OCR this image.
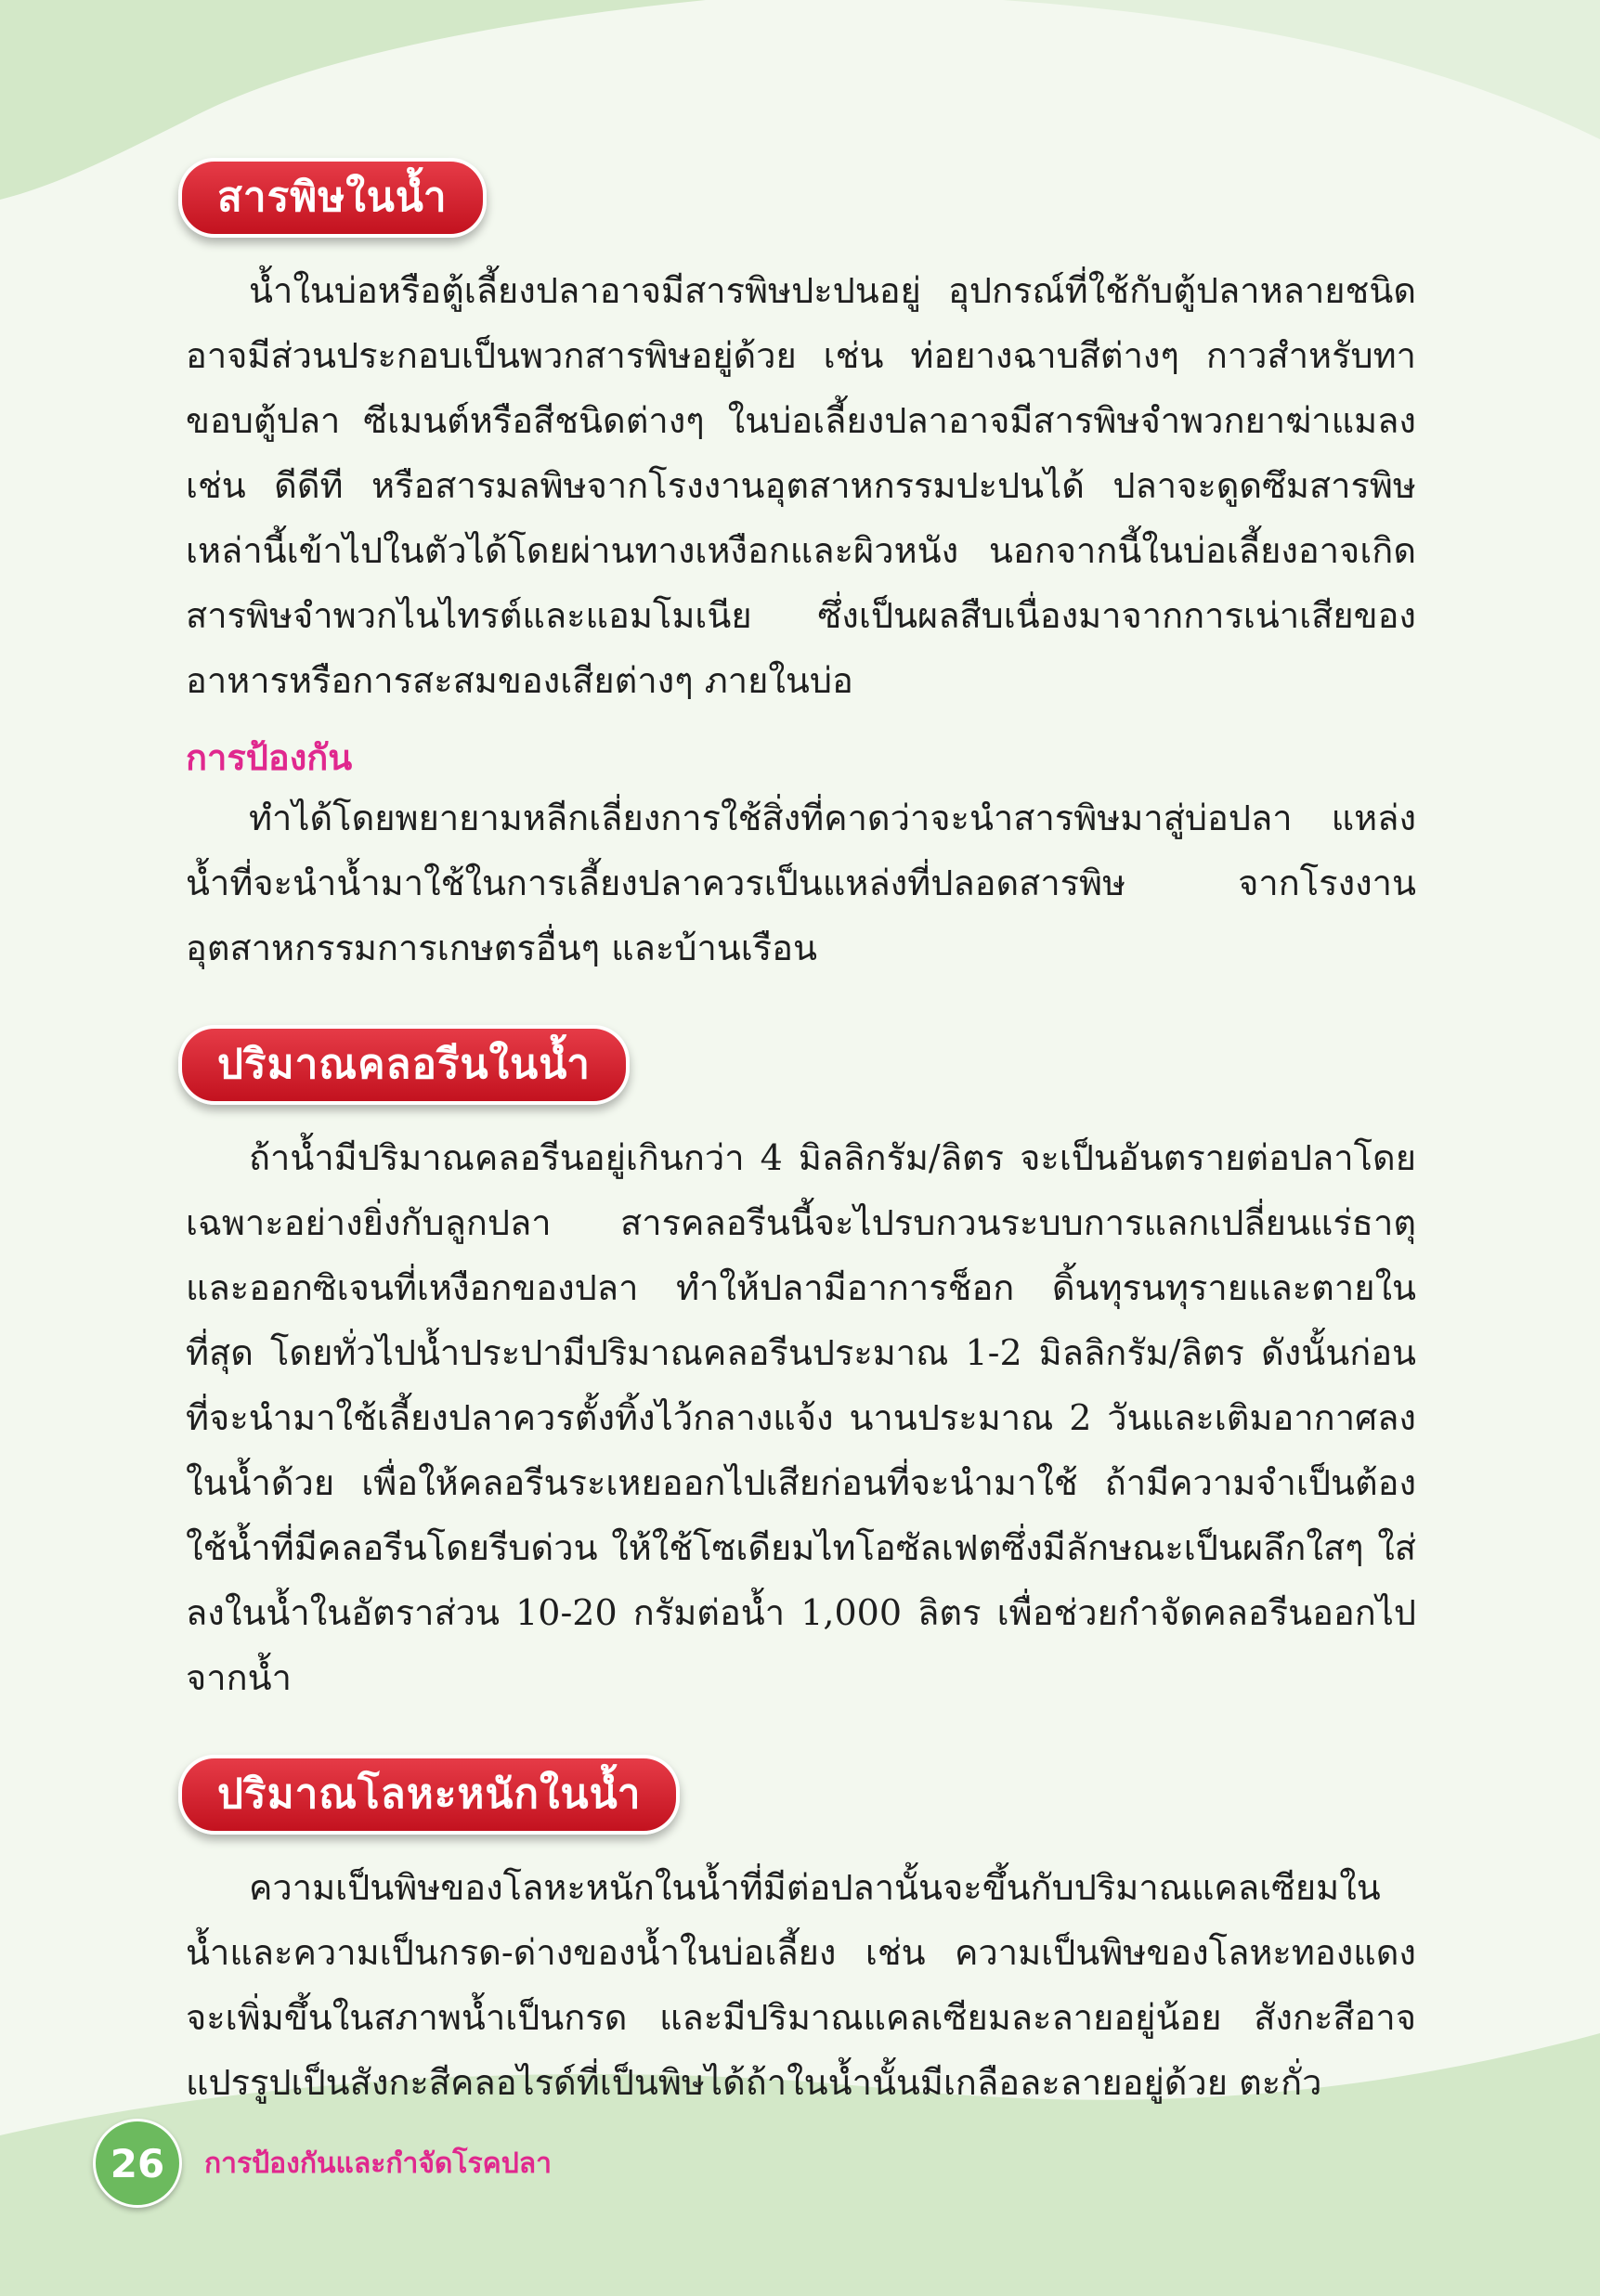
สารพิษในน้ำ

น้ำในบ่อหรือตู้เลี้ยงปลาอาจมีสารพิษปะปนอยู่ อุปกรณ์ที่ใช้กับตู้ปลาหลายชนิดอาจมีส่วนประกอบเป็นพวกสารพิษอยู่ด้วย เช่น ท่อยางฉาบสีต่างๆ กาวสำหรับทาขอบตู้ปลา ซีเมนต์หรือสีชนิดต่างๆ ในบ่อเลี้ยงปลาอาจมีสารพิษจำพวกยาฆ่าแมลง เช่น ดีดีที หรือสารมลพิษจากโรงงานอุตสาหกรรมปะปนได้ ปลาจะดูดซึมสารพิษเหล่านี้เข้าไปในตัวได้โดยผ่านทางเหงือกและผิวหนัง นอกจากนี้ในบ่อเลี้ยงอาจเกิดสารพิษจำพวกไนไทรต์และแอมโมเนีย ซึ่งเป็นผลสืบเนื่องมาจากการเน่าเสียของอาหารหรือการสะสมของเสียต่างๆ ภายในบ่อ

การป้องกัน

ทำได้โดยพยายามหลีกเลี่ยงการใช้สิ่งที่คาดว่าจะนำสารพิษมาสู่บ่อปลา แหล่งน้ำที่จะนำน้ำมาใช้ในการเลี้ยงปลาควรเป็นแหล่งที่ปลอดสารพิษ จากโรงงานอุตสาหกรรมการเกษตรอื่นๆ และบ้านเรือน

ปริมาณคลอรีนในน้ำ

ถ้าน้ำมีปริมาณคลอรีนอยู่เกินกว่า 4 มิลลิกรัม/ลิตร จะเป็นอันตรายต่อปลาโดยเฉพาะอย่างยิ่งกับลูกปลา สารคลอรีนนี้จะไปรบกวนระบบการแลกเปลี่ยนแร่ธาตุและออกซิเจนที่เหงือกของปลา ทำให้ปลามีอาการช็อก ดิ้นทุรนทุรายและตายในที่สุด โดยทั่วไปน้ำประปามีปริมาณคลอรีนประมาณ 1-2 มิลลิกรัม/ลิตร ดังนั้นก่อนที่จะนำมาใช้เลี้ยงปลาควรตั้งทิ้งไว้กลางแจ้ง นานประมาณ 2 วันและเติมอากาศลงในน้ำด้วย เพื่อให้คลอรีนระเหยออกไปเสียก่อนที่จะนำมาใช้ ถ้ามีความจำเป็นต้องใช้น้ำที่มีคลอรีนโดยรีบด่วน ให้ใช้โซเดียมไทโอซัลเฟตซึ่งมีลักษณะเป็นผลึกใสๆ ใส่ลงในน้ำในอัตราส่วน 10-20 กรัมต่อน้ำ 1,000 ลิตร เพื่อช่วยกำจัดคลอรีนออกไปจากน้ำ

ปริมาณโลหะหนักในน้ำ

ความเป็นพิษของโลหะหนักในน้ำที่มีต่อปลานั้นจะขึ้นกับปริมาณแคลเซียมในน้ำและความเป็นกรด-ด่างของน้ำในบ่อเลี้ยง เช่น ความเป็นพิษของโลหะทองแดงจะเพิ่มขึ้นในสภาพน้ำเป็นกรด และมีปริมาณแคลเซียมละลายอยู่น้อย สังกะสีอาจแปรรูปเป็นสังกะสีคลอไรด์ที่เป็นพิษได้ถ้าในน้ำนั้นมีเกลือละลายอยู่ด้วย ตะกั่ว

26	การป้องกันและกำจัดโรคปลา
